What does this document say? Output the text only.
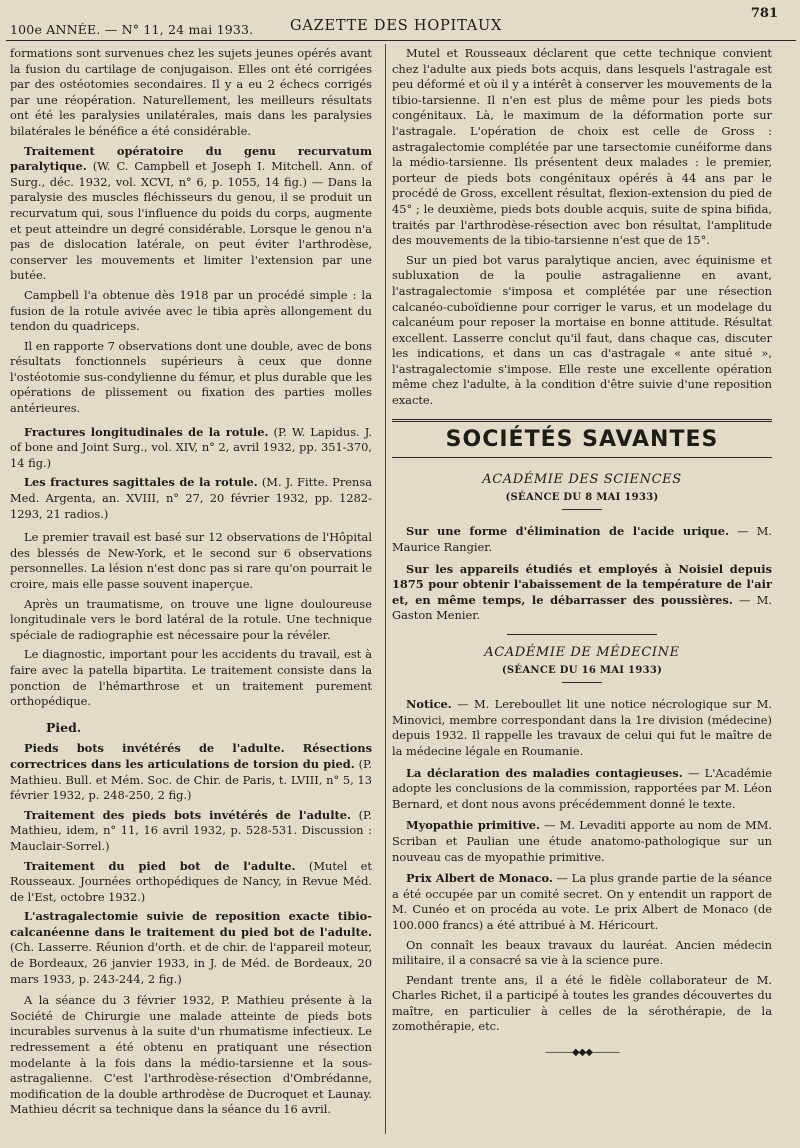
100e ANNÉE. — N° 11, 24 mai 1933.	GAZETTE DES HOPITAUX
781

formations sont survenues chez les sujets jeunes opérés avant la fusion du cartilage de conjugaison. Elles ont été corrigées par des ostéotomies secondaires. Il y a eu 2 échecs corrigés par une réopération. Naturellement, les meilleurs résultats ont été les paralysies unilatérales, mais dans les paralysies bilatérales le bénéfice a été considérable.

Traitement opératoire du genu recurvatum paralytique. (W. C. Campbell et Joseph I. Mitchell. Ann. of Surg., déc. 1932, vol. XCVI, n° 6, p. 1055, 14 fig.) — Dans la paralysie des muscles fléchisseurs du genou, il se produit un recurvatum qui, sous l'influence du poids du corps, augmente et peut atteindre un degré considérable. Lorsque le genou n'a pas de dislocation latérale, on peut éviter l'arthrodèse, conserver les mouvements et limiter l'extension par une butée.

Campbell l'a obtenue dès 1918 par un procédé simple : la fusion de la rotule avivée avec le tibia après allongement du tendon du quadriceps.

Il en rapporte 7 observations dont une double, avec de bons résultats fonctionnels supérieurs à ceux que donne l'ostéotomie sus-condylienne du fémur, et plus durable que les opérations de plissement ou fixation des parties molles antérieures.

Fractures longitudinales de la rotule. (P. W. Lapidus. J. of bone and Joint Surg., vol. XIV, n° 2, avril 1932, pp. 351-370, 14 fig.)

Les fractures sagittales de la rotule. (M. J. Fitte. Prensa Med. Argenta, an. XVIII, n° 27, 20 février 1932, pp. 1282-1293, 21 radios.)

Le premier travail est basé sur 12 observations de l'Hôpital des blessés de New-York, et le second sur 6 observations personnelles. La lésion n'est donc pas si rare qu'on pourrait le croire, mais elle passe souvent inaperçue.

Après un traumatisme, on trouve une ligne douloureuse longitudinale vers le bord latéral de la rotule. Une technique spéciale de radiographie est nécessaire pour la révéler.

Le diagnostic, important pour les accidents du travail, est à faire avec la patella bipartita. Le traitement consiste dans la ponction de l'hémarthrose et un traitement purement orthopédique.

Pied.

Pieds bots invétérés de l'adulte. Résections correctrices dans les articulations de torsion du pied. (P. Mathieu. Bull. et Mém. Soc. de Chir. de Paris, t. LVIII, n° 5, 13 février 1932, p. 248-250, 2 fig.)

Traitement des pieds bots invétérés de l'adulte. (P. Mathieu, idem, n° 11, 16 avril 1932, p. 528-531. Discussion : Mauclair-Sorrel.)

Traitement du pied bot de l'adulte. (Mutel et Rousseaux. Journées orthopédiques de Nancy, in Revue Méd. de l'Est, octobre 1932.)

L'astragalectomie suivie de reposition exacte tibio-calcanéenne dans le traitement du pied bot de l'adulte. (Ch. Lasserre. Réunion d'orth. et de chir. de l'appareil moteur, de Bordeaux, 26 janvier 1933, in J. de Méd. de Bordeaux, 20 mars 1933, p. 243-244, 2 fig.)

A la séance du 3 février 1932, P. Mathieu présente à la Société de Chirurgie une malade atteinte de pieds bots incurables survenus à la suite d'un rhumatisme infectieux. Le redressement a été obtenu en pratiquant une résection modelante à la fois dans la médio-tarsienne et la sous-astragalienne. C'est l'arthrodèse-résection d'Ombrédanne, modification de la double arthrodèse de Ducroquet et Launay. Mathieu décrit sa technique dans la séance du 16 avril.

Mutel et Rousseaux déclarent que cette technique convient chez l'adulte aux pieds bots acquis, dans lesquels l'astragale est peu déformé et où il y a intérêt à conserver les mouvements de la tibio-tarsienne. Il n'en est plus de même pour les pieds bots congénitaux. Là, le maximum de la déformation porte sur l'astragale. L'opération de choix est celle de Gross : astragalectomie complétée par une tarsectomie cunéiforme dans la médio-tarsienne. Ils présentent deux malades : le premier, porteur de pieds bots congénitaux opérés à 44 ans par le procédé de Gross, excellent résultat, flexion-extension du pied de 45° ; le deuxième, pieds bots double acquis, suite de spina bifida, traités par l'arthrodèse-résection avec bon résultat, l'amplitude des mouvements de la tibio-tarsienne n'est que de 15°.

Sur un pied bot varus paralytique ancien, avec équinisme et subluxation de la poulie astragalienne en avant, l'astragalectomie s'imposa et complétée par une résection calcanéo-cuboïdienne pour corriger le varus, et un modelage du calcanéum pour reposer la mortaise en bonne attitude. Résultat excellent. Lasserre conclut qu'il faut, dans chaque cas, discuter les indications, et dans un cas d'astragale « ante situé », l'astragalectomie s'impose. Elle reste une excellente opération même chez l'adulte, à la condition d'être suivie d'une reposition exacte.

SOCIÉTÉS SAVANTES
ACADÉMIE DES SCIENCES
(SÉANCE DU 8 MAI 1933)

Sur une forme d'élimination de l'acide urique. — M. Maurice Rangier.

Sur les appareils étudiés et employés à Noisiel depuis 1875 pour obtenir l'abaissement de la température de l'air et, en même temps, le débarrasser des poussières. — M. Gaston Menier.

ACADÉMIE DE MÉDECINE
(SÉANCE DU 16 MAI 1933)

Notice. — M. Lereboullet lit une notice nécrologique sur M. Minovici, membre correspondant dans la 1re division (médecine) depuis 1932. Il rappelle les travaux de celui qui fut le maître de la médecine légale en Roumanie.

La déclaration des maladies contagieuses. — L'Académie adopte les conclusions de la commission, rapportées par M. Léon Bernard, et dont nous avons précédemment donné le texte.

Myopathie primitive. — M. Levaditi apporte au nom de MM. Scriban et Paulian une étude anatomo-pathologique sur un nouveau cas de myopathie primitive.

Prix Albert de Monaco. — La plus grande partie de la séance a été occupée par un comité secret. On y entendit un rapport de M. Cunéo et on procéda au vote. Le prix Albert de Monaco (de 100.000 francs) a été attribué à M. Héricourt.

On connaît les beaux travaux du lauréat. Ancien médecin militaire, il a consacré sa vie à la science pure.

Pendant trente ans, il a été le fidèle collaborateur de M. Charles Richet, il a participé à toutes les grandes découvertes du maître, en particulier à celles de la sérothérapie, de la zomothérapie, etc.

———◆◆◆———
